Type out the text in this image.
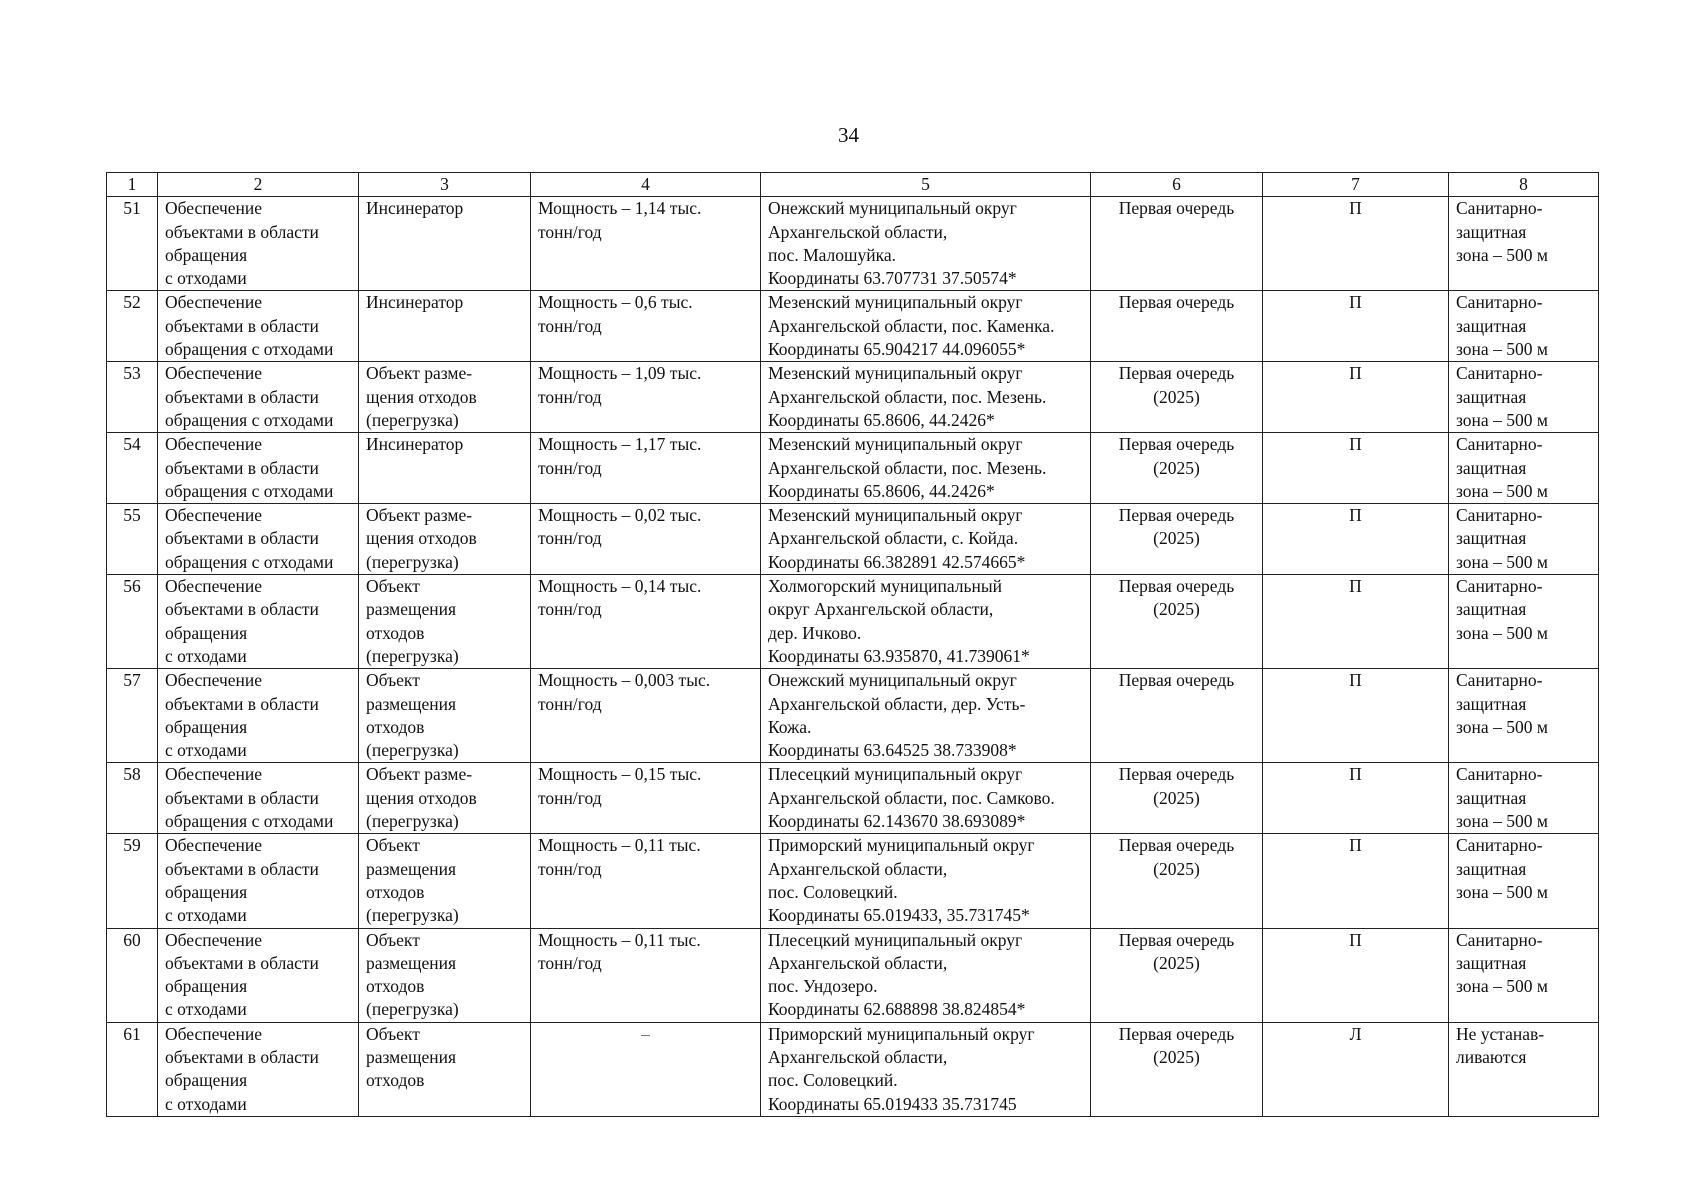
34
1	2	3	4	5	6	7	8
51	Обеспечение
объектами в области
обращения
с отходами	Инсинератор	Мощность – 1,14 тыс.
тонн/год	Онежский муниципальный округ
Архангельской области,
пос. Малошуйка.
Координаты 63.707731 37.50574*	Первая очередь	П	Санитарно-
защитная
зона – 500 м
52	Обеспечение
объектами в области
обращения с отходами	Инсинератор	Мощность – 0,6 тыс.
тонн/год	Мезенский муниципальный округ
Архангельской области, пос. Каменка.
Координаты 65.904217 44.096055*	Первая очередь	П	Санитарно-
защитная
зона – 500 м
53	Обеспечение
объектами в области
обращения с отходами	Объект разме-
щения отходов
(перегрузка)	Мощность – 1,09 тыс.
тонн/год	Мезенский муниципальный округ
Архангельской области, пос. Мезень.
Координаты 65.8606, 44.2426*	Первая очередь
(2025)	П	Санитарно-
защитная
зона – 500 м
54	Обеспечение
объектами в области
обращения с отходами	Инсинератор	Мощность – 1,17 тыс.
тонн/год	Мезенский муниципальный округ
Архангельской области, пос. Мезень.
Координаты 65.8606, 44.2426*	Первая очередь
(2025)	П	Санитарно-
защитная
зона – 500 м
55	Обеспечение
объектами в области
обращения с отходами	Объект разме-
щения отходов
(перегрузка)	Мощность – 0,02 тыс.
тонн/год	Мезенский муниципальный округ
Архангельской области, с. Койда.
Координаты 66.382891 42.574665*	Первая очередь
(2025)	П	Санитарно-
защитная
зона – 500 м
56	Обеспечение
объектами в области
обращения
с отходами	Объект
размещения
отходов
(перегрузка)	Мощность – 0,14 тыс.
тонн/год	Холмогорский муниципальный
округ Архангельской области,
дер. Ичково.
Координаты 63.935870, 41.739061*	Первая очередь
(2025)	П	Санитарно-
защитная
зона – 500 м
57	Обеспечение
объектами в области
обращения
с отходами	Объект
размещения
отходов
(перегрузка)	Мощность – 0,003 тыс.
тонн/год	Онежский муниципальный округ
Архангельской области, дер. Усть-
Кожа.
Координаты 63.64525 38.733908*	Первая очередь	П	Санитарно-
защитная
зона – 500 м
58	Обеспечение
объектами в области
обращения с отходами	Объект разме-
щения отходов
(перегрузка)	Мощность – 0,15 тыс.
тонн/год	Плесецкий муниципальный округ
Архангельской области, пос. Самково.
Координаты 62.143670 38.693089*	Первая очередь
(2025)	П	Санитарно-
защитная
зона – 500 м
59	Обеспечение
объектами в области
обращения
с отходами	Объект
размещения
отходов
(перегрузка)	Мощность – 0,11 тыс.
тонн/год	Приморский муниципальный округ
Архангельской области,
пос. Соловецкий.
Координаты 65.019433, 35.731745*	Первая очередь
(2025)	П	Санитарно-
защитная
зона – 500 м
60	Обеспечение
объектами в области
обращения
с отходами	Объект
размещения
отходов
(перегрузка)	Мощность – 0,11 тыс.
тонн/год	Плесецкий муниципальный округ
Архангельской области,
пос. Ундозеро.
Координаты 62.688898 38.824854*	Первая очередь
(2025)	П	Санитарно-
защитная
зона – 500 м
61	Обеспечение
объектами в области
обращения
с отходами	Объект
размещения
отходов	–	Приморский муниципальный округ
Архангельской области,
пос. Соловецкий.
Координаты 65.019433 35.731745	Первая очередь
(2025)	Л	Не устанав-
ливаются
